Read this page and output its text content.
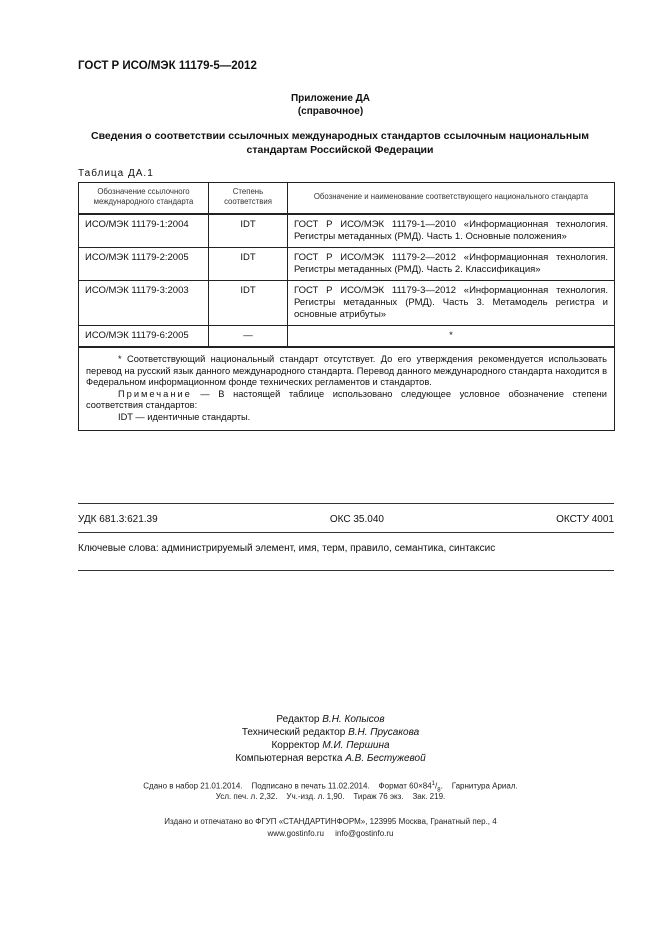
ГОСТ Р ИСО/МЭК 11179-5—2012
Приложение ДА
(справочное)
Сведения о соответствии ссылочных международных стандартов ссылочным национальным
стандартам Российской Федерации
Таблица ДА.1
Обозначение ссылочного международного стандарта	Степень соответствия	Обозначение и наименование соответствующего национального стандарта
ИСО/МЭК 11179-1:2004	IDT	ГОСТ Р ИСО/МЭК 11179-1—2010 «Информационная технология. Регистры метаданных (РМД). Часть 1. Основные положения»
ИСО/МЭК 11179-2:2005	IDT	ГОСТ Р ИСО/МЭК 11179-2—2012 «Информационная технология. Регистры метаданных (РМД). Часть 2. Классификация»
ИСО/МЭК 11179-3:2003	IDT	ГОСТ Р ИСО/МЭК 11179-3—2012 «Информационная технология. Регистры метаданных (РМД). Часть 3. Метамодель регистра и основные атрибуты»
ИСО/МЭК 11179-6:2005	—	*

* Соответствующий национальный стандарт отсутствует. До его утверждения рекомендуется использовать перевод на русский язык данного международного стандарта. Перевод данного международного стандарта находится в Федеральном информационном фонде технических регламентов и стандартов.

Примечание — В настоящей таблице использовано следующее условное обозначение степени соответствия стандартов:

IDT — идентичные стандарты.		

УДК 681.3:621.39	ОКС 35.040	ОКСТУ 4001
Ключевые слова: администрируемый элемент, имя, терм, правило, семантика, синтаксис
Редактор В.Н. Копысов
Технический редактор В.Н. Прусакова
Корректор М.И. Першина
Компьютерная верстка А.В. Бестужевой
Сдано в набор 21.01.2014. Подписано в печать 11.02.2014. Формат $60\times 84^1/_8$.    Гарнитура Ариал.
Усл. печ. л. 2,32. Уч.-изд. л. 1,90. Тираж 76 экз. Зак. 219.
Издано и отпечатано во ФГУП «СТАНДАРТИНФОРМ», 123995 Москва, Гранатный пер., 4
www.gostinfo.ru info@gostinfo.ru
